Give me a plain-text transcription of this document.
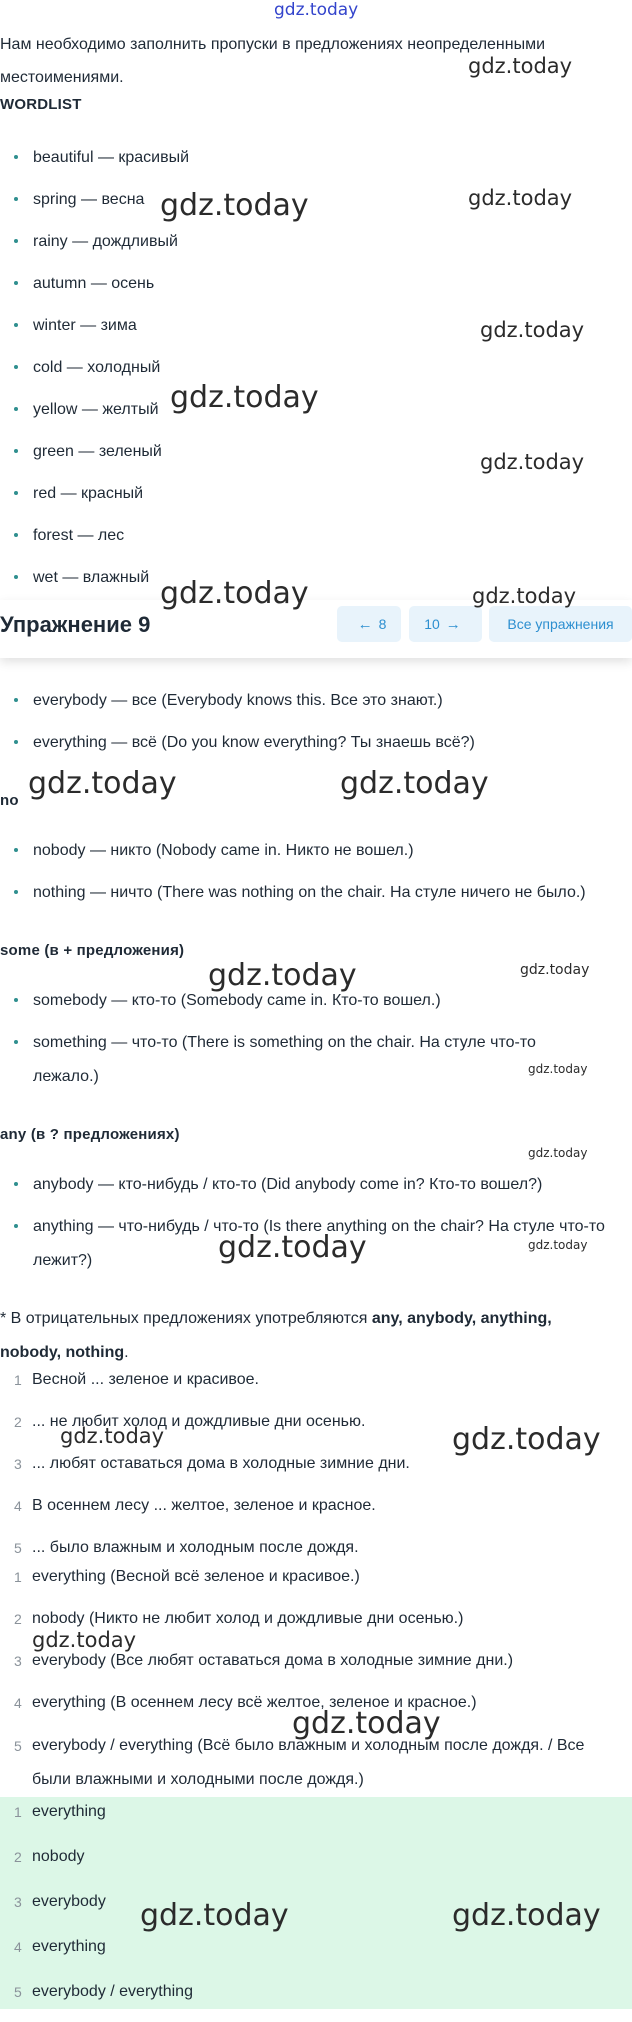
gdz.today
gdz.today
gdz.today	gdz.today
gdz.today
gdz.today
gdz.today
gdz.today	gdz.today
gdz.today	gdz.today
gdz.today	gdz.today
gdz.today
gdz.today
gdz.today	gdz.today
gdz.today	gdz.today
gdz.today
gdz.today
gdz.today	gdz.today
Нам необходимо заполнить пропуски в предложениях неопределенными местоимениями.
WORDLIST
beautiful — красивый
spring — весна
rainy — дождливый
autumn — осень
winter — зима
cold — холодный
yellow — желтый
green — зеленый
red — красный
forest — лес
wet — влажный
Упражнение 9	← 8	10 →	Все упражнения
everybody — все (Everybody knows this. Все это знают.)
everything — всё (Do you know everything? Ты знаешь всё?)
no
nobody — никто (Nobody came in. Никто не вошел.)
nothing — ничто (There was nothing on the chair. На стуле ничего не было.)
some (в + предложения)
somebody — кто-то (Somebody came in. Кто-то вошел.)
something — что-то (There is something on the chair. На стуле что-то лежало.)
any (в ? предложениях)
anybody — кто-нибудь / кто-то (Did anybody come in? Кто-то вошел?)
anything — что-нибудь / что-то (Is there anything on the chair? На стуле что-то лежит?)
* В отрицательных предложениях употребляются any, anybody, anything, nobody, nothing.
1 Весной ... зеленое и красивое.
2 ... не любит холод и дождливые дни осенью.
3 ... любят оставаться дома в холодные зимние дни.
4 В осеннем лесу ... желтое, зеленое и красное.
5 ... было влажным и холодным после дождя.
1 everything (Весной всё зеленое и красивое.)
2 nobody (Никто не любит холод и дождливые дни осенью.)
3 everybody (Все любят оставаться дома в холодные зимние дни.)
4 everything (В осеннем лесу всё желтое, зеленое и красное.)
5 everybody / everything (Всё было влажным и холодным после дождя. / Все были влажными и холодными после дождя.)
1 everything
2 nobody
3 everybody
4 everything
5 everybody / everything
